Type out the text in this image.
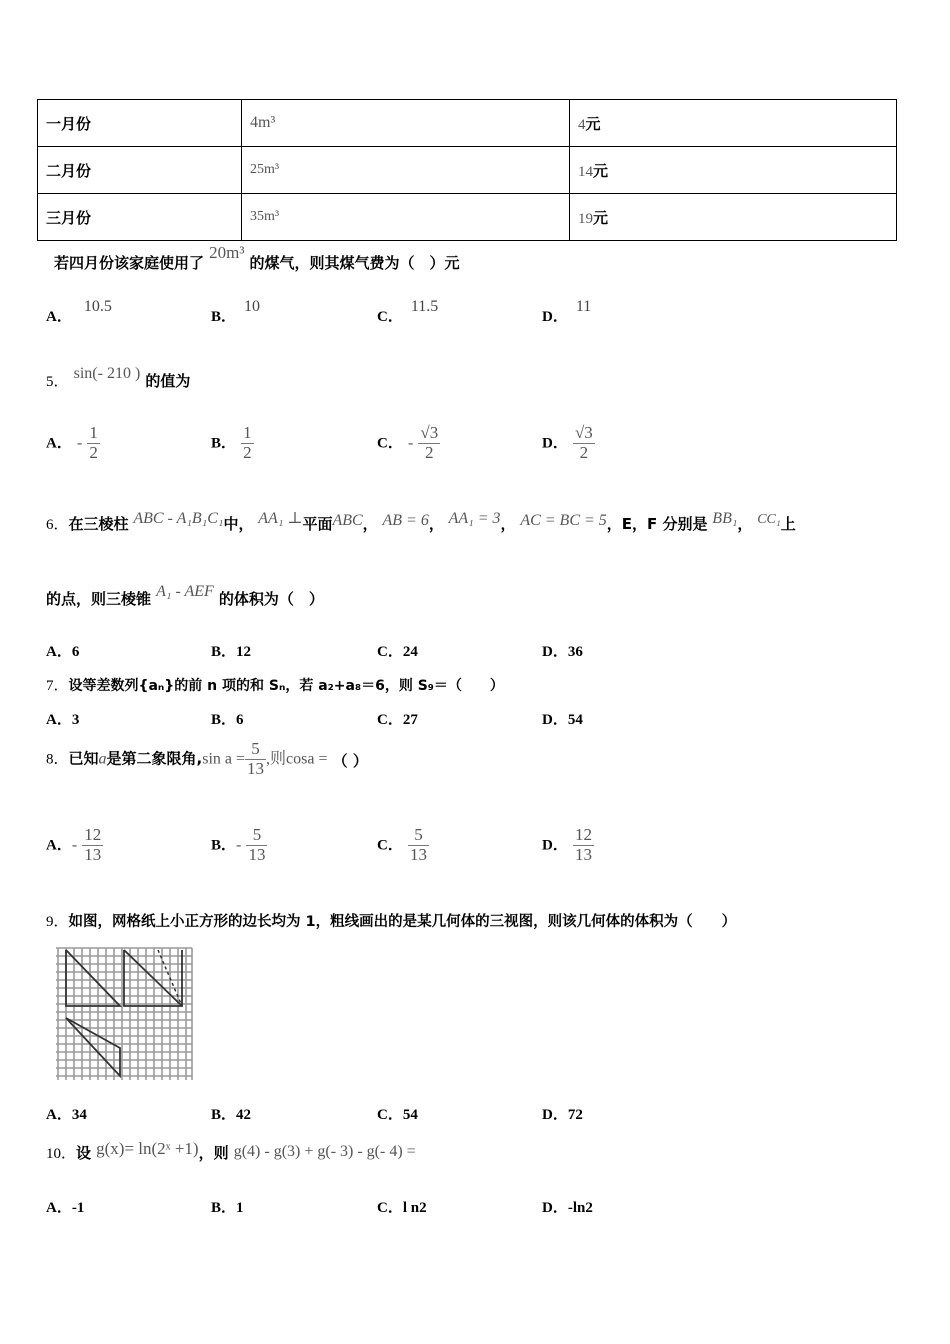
一月份	4m³	4元
二月份	25m³	14元
三月份	35m³	19元
若四月份该家庭使用了 20m³ 的煤气，则其煤气费为（　）元
A．10.5
B．10
C．11.5
D．11
5． sin(- 210 ) 的值为
A． - $\frac{1}{2}$	B． $\frac{1}{2}$	C． - $\frac{√3}{2}$	D． $\frac{√3}{2}$
6．在三棱柱 ABC - A₁B₁C₁中， AA₁ ⊥平面ABC， AB = 6， AA₁ = 3， AC = BC = 5，E，F 分别是 BB₁， CC₁上
的点，则三棱锥 A₁ - AEF 的体积为（　）
A．6	B．12	C．24	D．36
7．设等差数列{aₙ}的前 n 项的和 Sₙ，若 a₂+a₈＝6，则 S₉＝（　　）
A．3	B．6	C．27	D．54
8．已知a是第二象限角,sin $a = \frac{5}{13}$ ,则cosa = （ ）
A．- $\frac{12}{13}$	B．- $\frac{5}{13}$	C． $\frac{5}{13}$	D． $\frac{12}{13}$
9．如图，网格纸上小正方形的边长均为 1，粗线画出的是某几何体的三视图，则该几何体的体积为（　　）
A．34	B．42	C．54	D．72
10．设 g(x)= ln(2ˣ +1)，则 g(4) - g(3) + g(- 3) - g(- 4) =
A．-1	B．1	C．l n2	D．-ln2
